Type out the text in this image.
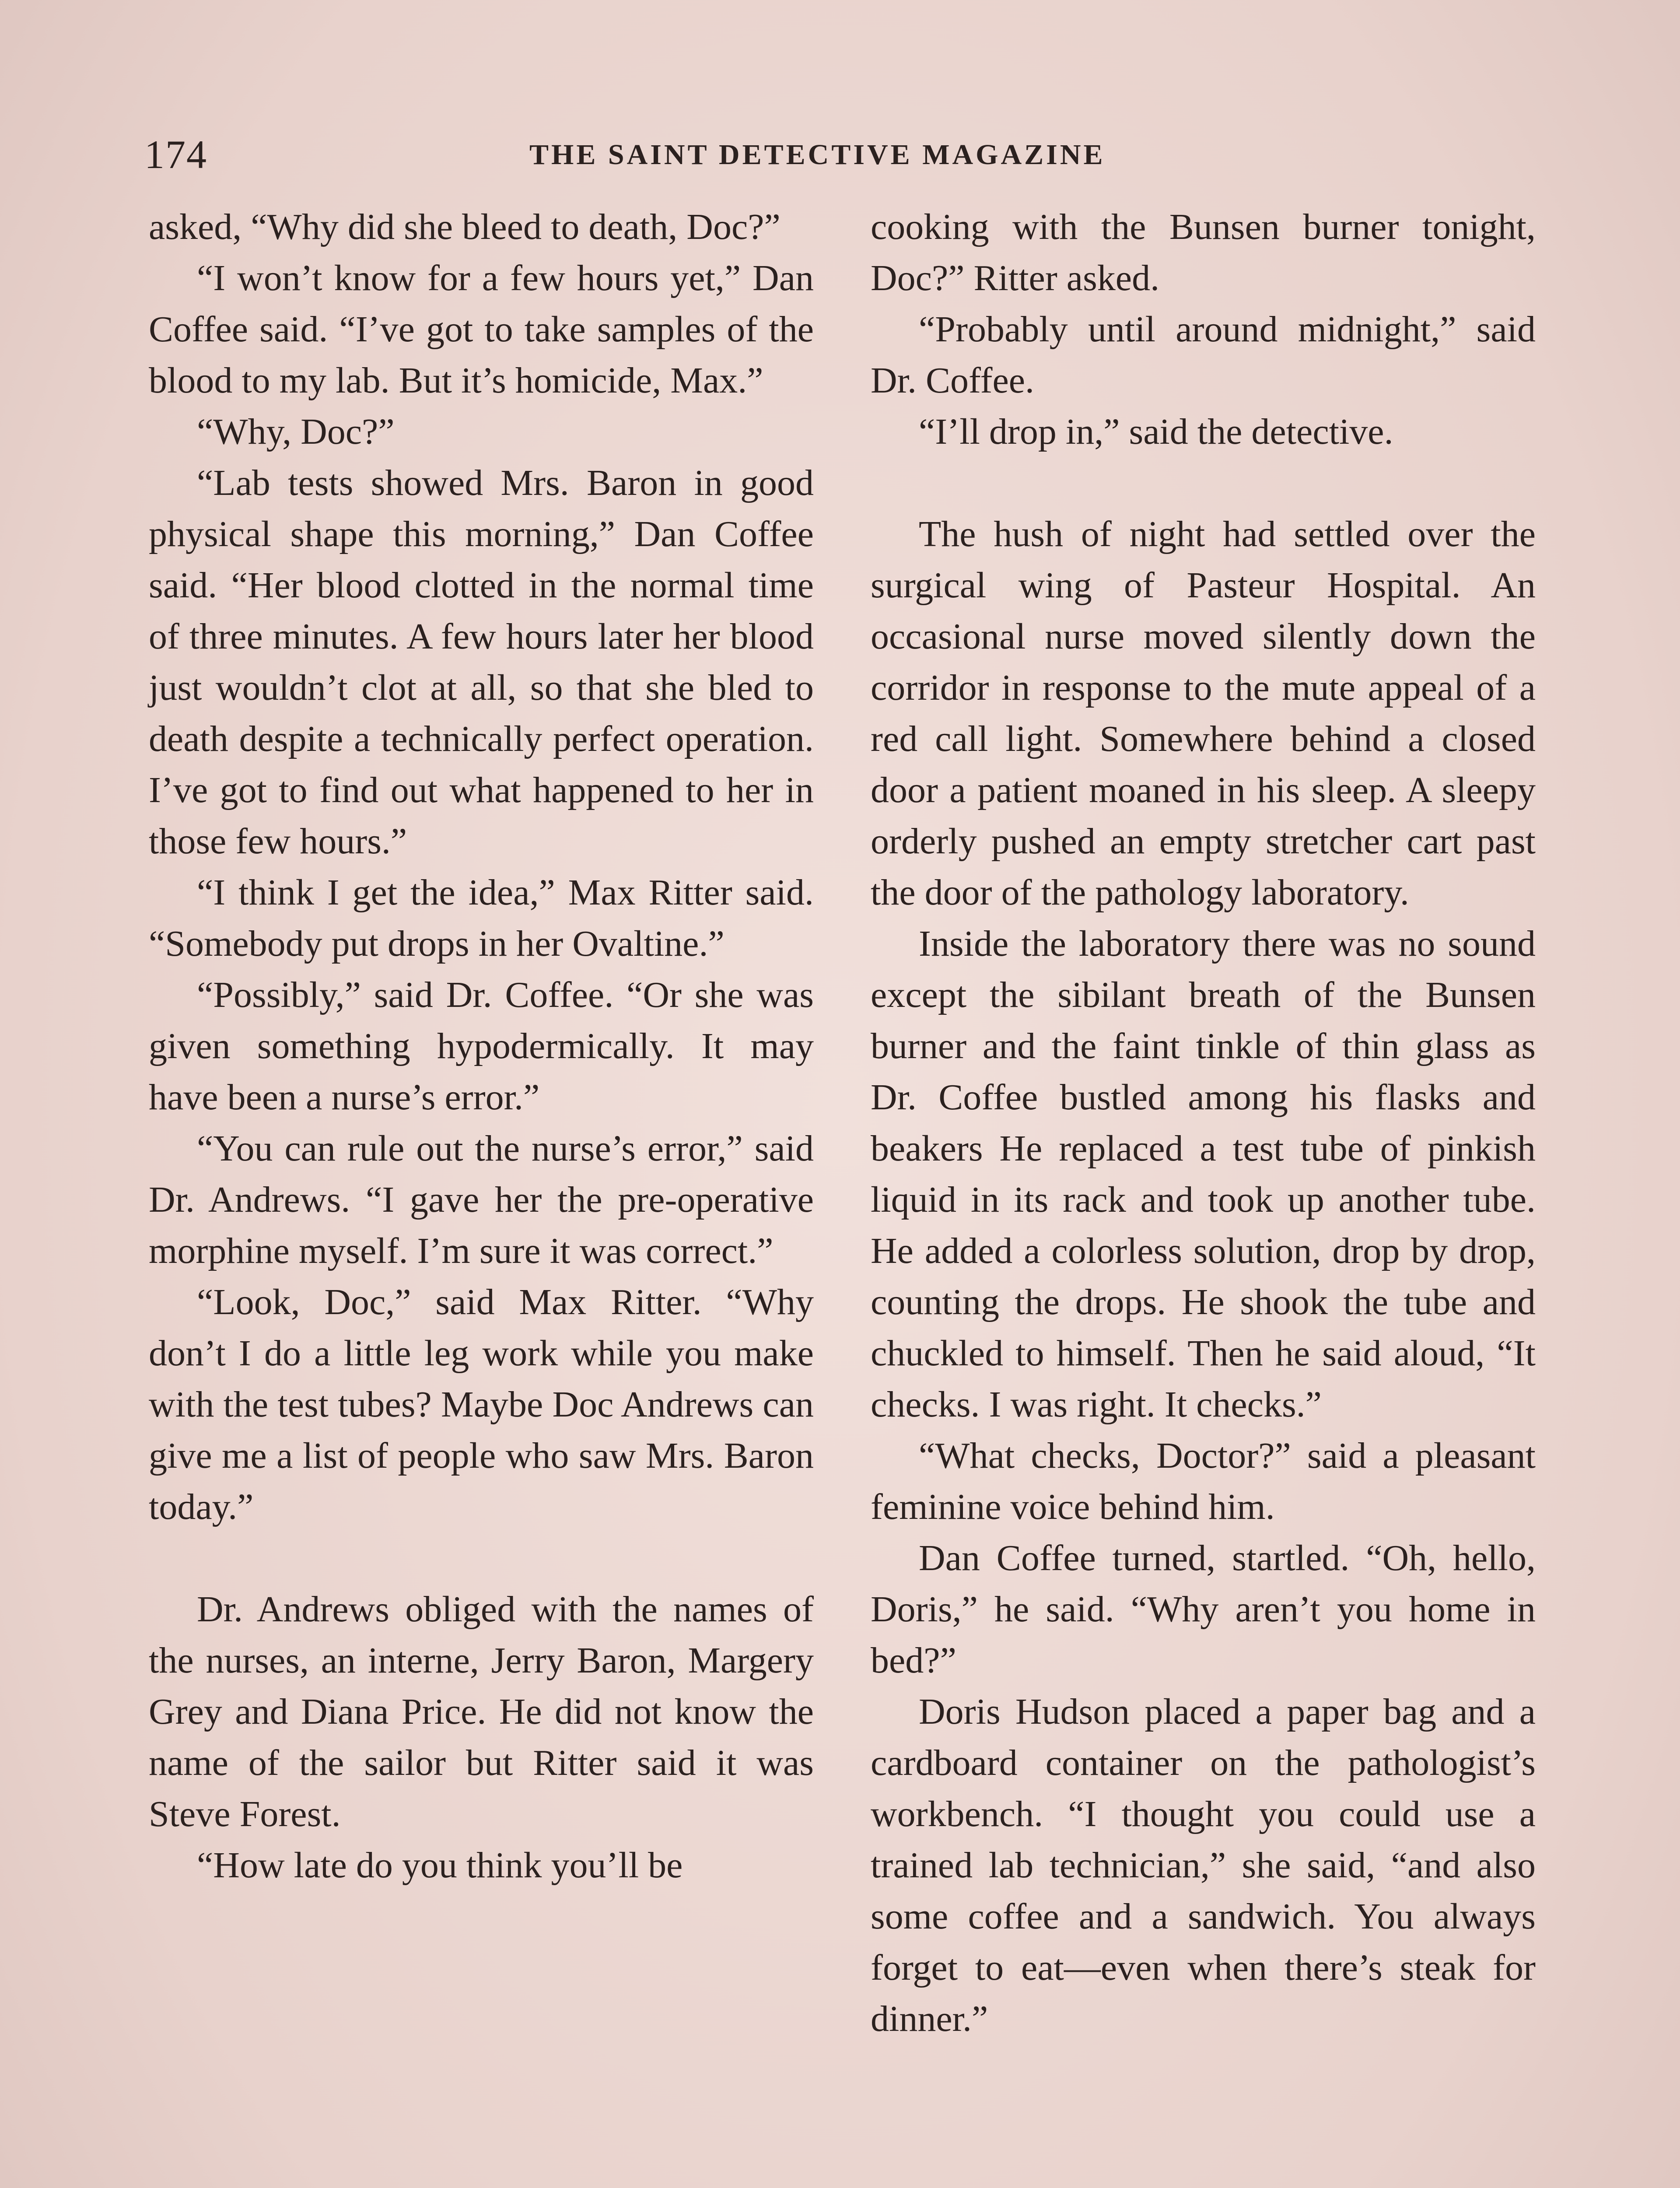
174	THE SAINT DETECTIVE MAGAZINE

asked, “Why did she bleed to death, Doc?”

“I won’t know for a few hours yet,” Dan Coffee said. “I’ve got to take samples of the blood to my lab. But it’s homicide, Max.”

“Why, Doc?”

“Lab tests showed Mrs. Baron in good physical shape this morning,” Dan Coffee said. “Her blood clotted in the normal time of three minutes. A few hours later her blood just wouldn’t clot at all, so that she bled to death despite a technically perfect operation. I’ve got to find out what happened to her in those few hours.”

“I think I get the idea,” Max Ritter said. “Somebody put drops in her Ovaltine.”

“Possibly,” said Dr. Coffee. “Or she was given something hypodermically. It may have been a nurse’s error.”

“You can rule out the nurse’s error,” said Dr. Andrews. “I gave her the pre-operative morphine myself. I’m sure it was correct.”

“Look, Doc,” said Max Ritter. “Why don’t I do a little leg work while you make with the test tubes? Maybe Doc Andrews can give me a list of people who saw Mrs. Baron today.”

Dr. Andrews obliged with the names of the nurses, an interne, Jerry Baron, Margery Grey and Diana Price. He did not know the name of the sailor but Ritter said it was Steve Forest.

“How late do you think you’ll be

cooking with the Bunsen burner tonight, Doc?” Ritter asked.

“Probably until around midnight,” said Dr. Coffee.

“I’ll drop in,” said the detective.

The hush of night had settled over the surgical wing of Pasteur Hospital. An occasional nurse moved silently down the corridor in response to the mute appeal of a red call light. Somewhere behind a closed door a patient moaned in his sleep. A sleepy orderly pushed an empty stretcher cart past the door of the pathology laboratory.

Inside the laboratory there was no sound except the sibilant breath of the Bunsen burner and the faint tinkle of thin glass as Dr. Coffee bustled among his flasks and beakers He replaced a test tube of pinkish liquid in its rack and took up another tube. He added a colorless solution, drop by drop, counting the drops. He shook the tube and chuckled to himself. Then he said aloud, “It checks. I was right. It checks.”

“What checks, Doctor?” said a pleasant feminine voice behind him.

Dan Coffee turned, startled. “Oh, hello, Doris,” he said. “Why aren’t you home in bed?”

Doris Hudson placed a paper bag and a cardboard container on the pathologist’s workbench. “I thought you could use a trained lab technician,” she said, “and also some coffee and a sandwich. You always forget to eat—even when there’s steak for dinner.”
